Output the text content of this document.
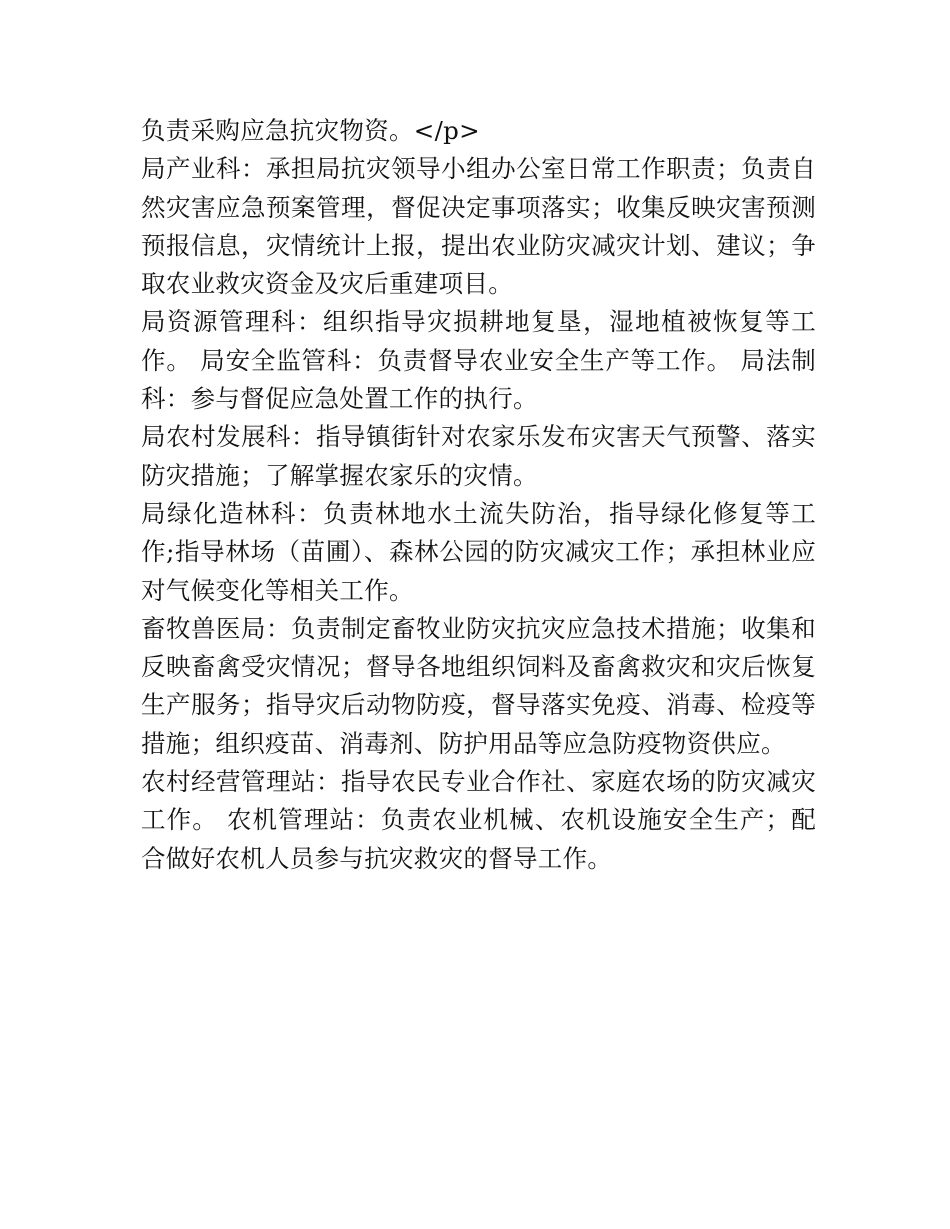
负责采购应急抗灾物资。</p>

局产业科：承担局抗灾领导小组办公室日常工作职责；负责自然灾害应急预案管理，督促决定事项落实；收集反映灾害预测预报信息，灾情统计上报，提出农业防灾减灾计划、建议；争取农业救灾资金及灾后重建项目。

局资源管理科：组织指导灾损耕地复垦，湿地植被恢复等工作。 局安全监管科：负责督导农业安全生产等工作。 局法制科：参与督促应急处置工作的执行。

局农村发展科：指导镇街针对农家乐发布灾害天气预警、落实防灾措施；了解掌握农家乐的灾情。

局绿化造林科：负责林地水土流失防治，指导绿化修复等工作;指导林场（苗圃）、森林公园的防灾减灾工作；承担林业应对气候变化等相关工作。

畜牧兽医局：负责制定畜牧业防灾抗灾应急技术措施；收集和反映畜禽受灾情况；督导各地组织饲料及畜禽救灾和灾后恢复生产服务；指导灾后动物防疫，督导落实免疫、消毒、检疫等措施；组织疫苗、消毒剂、防护用品等应急防疫物资供应。

农村经营管理站：指导农民专业合作社、家庭农场的防灾减灾工作。 农机管理站：负责农业机械、农机设施安全生产；配合做好农机人员参与抗灾救灾的督导工作。
